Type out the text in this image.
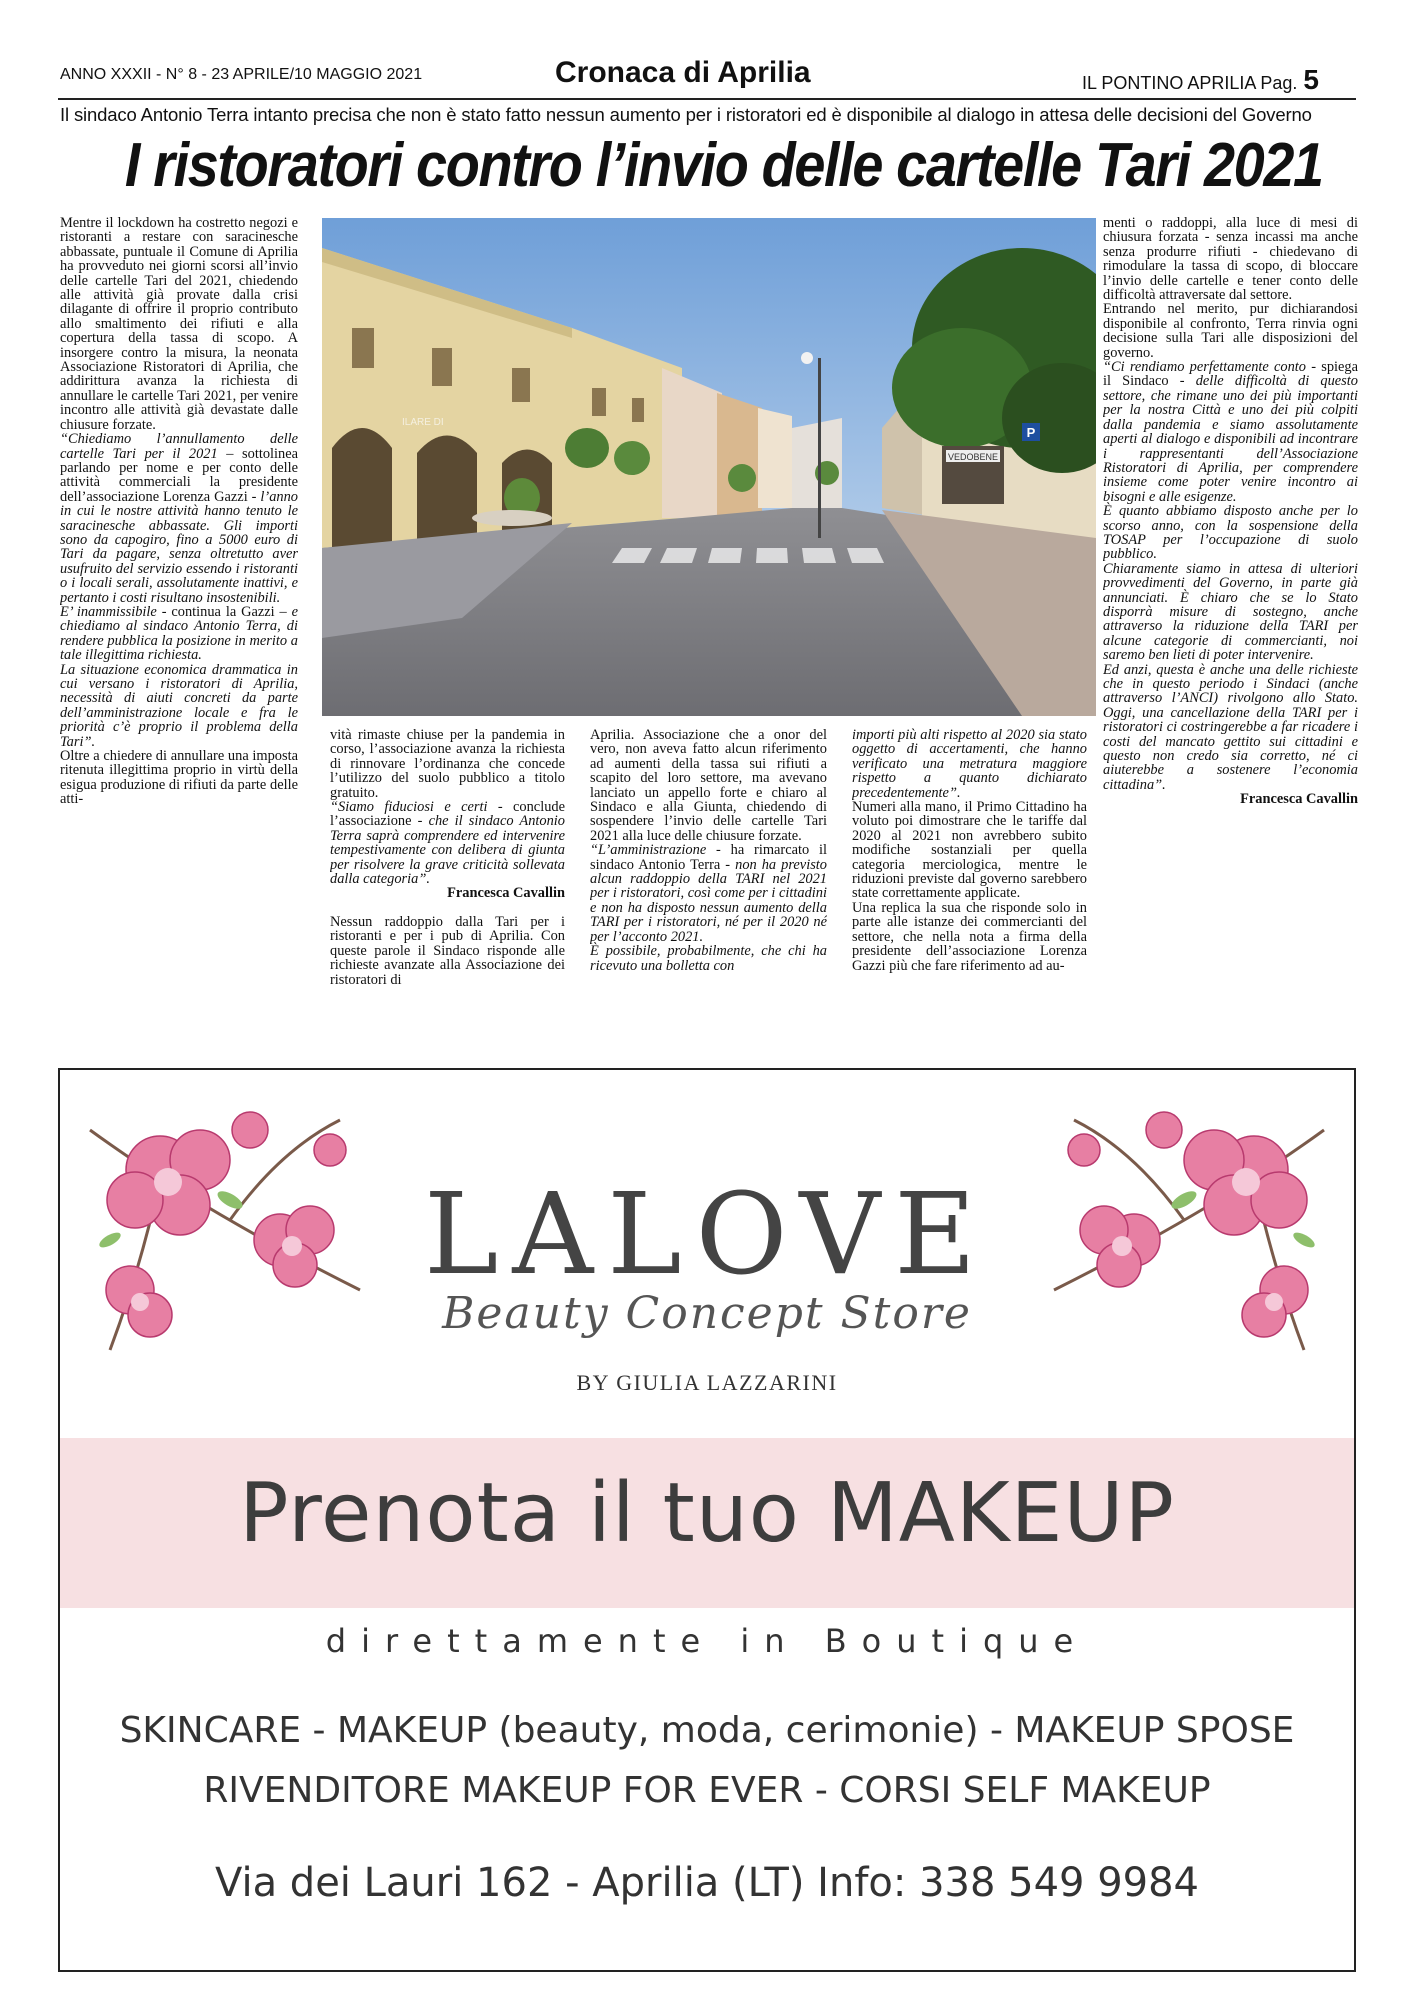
ANNO XXXII - N° 8 - 23 APRILE/10 MAGGIO 2021	Cronaca di Aprilia	IL PONTINO APRILIA Pag. 5
Il sindaco Antonio Terra intanto precisa che non è stato fatto nessun aumento per i ristoratori ed è disponibile al dialogo in attesa delle decisioni del Governo
I ristoratori contro l’invio delle cartelle Tari 2021

Mentre il lockdown ha costretto negozi e ristoranti a restare con saracinesche abbassate, puntuale il Comune di Aprilia ha provveduto nei giorni scorsi all’invio delle cartelle Tari del 2021, chiedendo alle attività già provate dalla crisi dilagante di offrire il proprio contributo allo smaltimento dei rifiuti e alla copertura della tassa di scopo. A insorgere contro la misura, la neonata Associazione Ristoratori di Aprilia, che addirittura avanza la richiesta di annullare le cartelle Tari 2021, per venire incontro alle attività già devastate dalle chiusure forzate.

“Chiediamo l’annullamento delle cartelle Tari per il 2021 – sottolinea parlando per nome e per conto delle attività commerciali la presidente dell’associazione Lorenza Gazzi - l’anno in cui le nostre attività hanno tenuto le saracinesche abbassate. Gli importi sono da capogiro, fino a 5000 euro di Tari da pagare, senza oltretutto aver usufruito del servizio essendo i ristoranti o i locali serali, assolutamente inattivi, e pertanto i costi risultano insostenibili.

E’ inammissibile - continua la Gazzi – e chiediamo al sindaco Antonio Terra, di rendere pubblica la posizione in merito a tale illegittima richiesta.

La situazione economica drammatica in cui versano i ristoratori di Aprilia, necessità di aiuti concreti da parte dell’amministrazione locale e fra le priorità c’è proprio il problema della Tari”.

Oltre a chiedere di annullare una imposta ritenuta illegittima proprio in virtù della esigua produzione di rifiuti da parte delle atti-

VEDOBENE
P
ILARE DI

vità rimaste chiuse per la pandemia in corso, l’associazione avanza la richiesta di rinnovare l’ordinanza che concede l’utilizzo del suolo pubblico a titolo gratuito.

“Siamo fiduciosi e certi - concludе l’associazione - che il sindaco Antonio Terra saprà comprendere ed intervenire tempestivamente con delibera di giunta per risolvere la grave criticità sollevata dalla categoria”.

Francesca Cavallin

Nessun raddoppio dalla Tari per i ristoranti e per i pub di Aprilia. Con queste parole il Sindaco risponde alle richieste avanzate alla Associazione dei ristoratori di

Aprilia. Associazione che a onor del vero, non aveva fatto alcun riferimento ad aumenti della tassa sui rifiuti a scapito del loro settore, ma avevano lanciato un appello forte e chiaro al Sindaco e alla Giunta, chiedendo di sospendere l’invio delle cartelle Tari 2021 alla luce delle chiusure forzate.

“L’amministrazione - ha rimarcato il sindaco Antonio Terra - non ha previsto alcun raddoppio della TARI nel 2021 per i ristoratori, così come per i cittadini e non ha disposto nessun aumento della TARI per i ristoratori, né per il 2020 né per l’acconto 2021.

È possibile, probabilmente, che chi ha ricevuto una bolletta con

importi più alti rispetto al 2020 sia stato oggetto di accertamenti, che hanno verificato una metratura maggiore rispetto a quanto dichiarato precedentemente”.

Numeri alla mano, il Primo Cittadino ha voluto poi dimostrare che le tariffe dal 2020 al 2021 non avrebbero subito modifiche sostanziali per quella categoria merciologica, mentre le riduzioni previste dal governo sarebbero state correttamente applicate.

Una replica la sua che risponde solo in parte alle istanze dei commercianti del settore, che nella nota a firma della presidente dell’associazione Lorenza Gazzi più che fare riferimento ad au-

menti o raddoppi, alla luce di mesi di chiusura forzata - senza incassi ma anche senza produrre rifiuti - chiedevano di rimodulare la tassa di scopo, di bloccare l’invio delle cartelle e tener conto delle difficoltà attraversate dal settore.

Entrando nel merito, pur dichiarandosi disponibile al confronto, Terra rinvia ogni decisione sulla Tari alle disposizioni del governo.

“Ci rendiamo perfettamente conto - spiega il Sindaco - delle difficoltà di questo settore, che rimane uno dei più importanti per la nostra Città e uno dei più colpiti dalla pandemia e siamo assolutamente aperti al dialogo e disponibili ad incontrare i rappresentanti dell’Associazione Ristoratori di Aprilia, per comprendere insieme come poter venire incontro ai bisogni e alle esigenze.

È quanto abbiamo disposto anche per lo scorso anno, con la sospensione della TOSAP per l’occupazione di suolo pubblico.

Chiaramente siamo in attesa di ulteriori provvedimenti del Governo, in parte già annunciati. È chiaro che se lo Stato disporrà misure di sostegno, anche attraverso la riduzione della TARI per alcune categorie di commercianti, noi saremo ben lieti di poter intervenire.

Ed anzi, questa è anche una delle richieste che in questo periodo i Sindaci (anche attraverso l’ANCI) rivolgono allo Stato. Oggi, una cancellazione della TARI per i ristoratori ci costringerebbe a far ricadere i costi del mancato gettito sui cittadini e questo non credo sia corretto, né ci aiuterebbe a sostenere l’economia cittadina”.

Francesca Cavallin

LALOVE
Beauty Concept Store
BY GIULIA LAZZARINI
Prenota il tuo MAKEUP
direttamente in Boutique
SKINCARE - MAKEUP (beauty, moda, cerimonie) - MAKEUP SPOSE
RIVENDITORE MAKEUP FOR EVER - CORSI SELF MAKEUP
Via dei Lauri 162 - Aprilia (LT) Info: 338 549 9984
